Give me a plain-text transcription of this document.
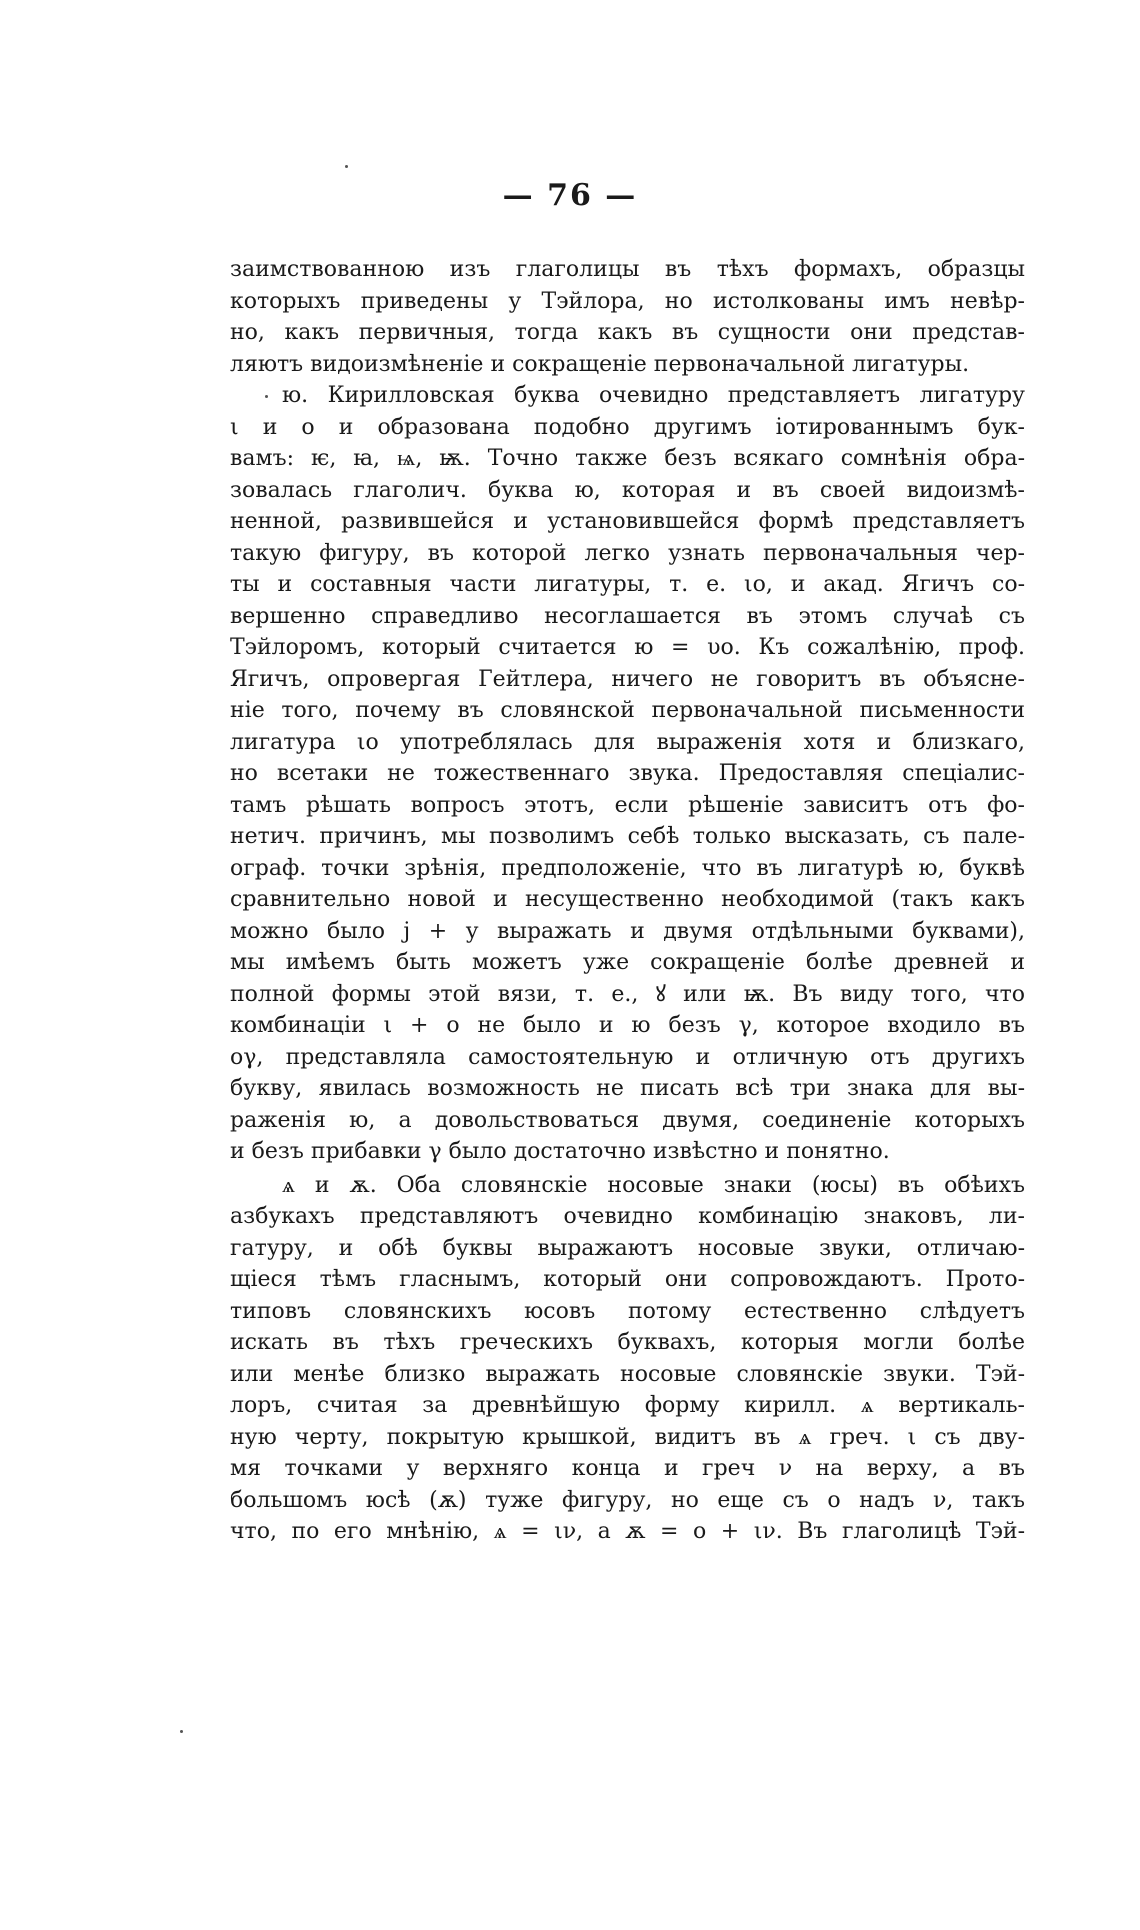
— 76 —
заимствованною изъ глаголицы въ тѣхъ формахъ, образцы
которыхъ приведены у Тэйлора, но истолкованы имъ невѣр-
но, какъ первичныя, тогда какъ въ сущности они представ-
ляютъ видоизмѣненіе и сокращеніе первоначальной лигатуры.
ю. Кирилловская буква очевидно представляетъ лигатуру
ι и ο и образована подобно другимъ іотированнымъ бук-
вамъ: ѥ, ꙗ, ѩ, ѭ. Точно также безъ всякаго сомнѣнія обра-
зовалась глаголич. буква ю, которая и въ своей видоизмѣ-
ненной, развившейся и установившейся формѣ представляетъ
такую фигуру, въ которой легко узнать первоначальныя чер-
ты и составныя части лигатуры, т. е. ιο, и акад. Ягичъ со-
вершенно справедливо несоглашается въ этомъ случаѣ съ
Тэйлоромъ, который считается ю = υο. Къ сожалѣнію, проф.
Ягичъ, опровергая Гейтлера, ничего не говоритъ въ объясне-
ніе того, почему въ словянской первоначальной письменности
лигатура ιο употреблялась для выраженія хотя и близкаго,
но всетаки не тожественнаго звука. Предоставляя спеціалис-
тамъ рѣшать вопросъ этотъ, если рѣшеніе зависитъ отъ фо-
нетич. причинъ, мы позволимъ себѣ только высказать, съ пале-
ограф. точки зрѣнія, предположеніе, что въ лигатурѣ ю, буквѣ
сравнительно новой и несущественно необходимой (такъ какъ
можно было j + у выражать и двумя отдѣльными буквами),
мы имѣемъ быть можетъ уже сокращеніе болѣе древней и
полной формы этой вязи, т. е., ꙋ или ѭ. Въ виду того, что
комбинаціи ι + ο не было и ю безъ γ, которое входило въ
оγ, представляла самостоятельную и отличную отъ другихъ
букву, явилась возможность не писать всѣ три знака для вы-
раженія ю, а довольствоваться двумя, соединеніе которыхъ
и безъ прибавки γ было достаточно извѣстно и понятно.
ѧ и ѫ. Оба словянскіе носовые знаки (юсы) въ обѣихъ
азбукахъ представляютъ очевидно комбинацію знаковъ, ли-
гатуру, и обѣ буквы выражаютъ носовые звуки, отличаю-
щіеся тѣмъ гласнымъ, который они сопровождаютъ. Прото-
типовъ словянскихъ юсовъ потому естественно слѣдуетъ
искать въ тѣхъ греческихъ буквахъ, которыя могли болѣе
или менѣе близко выражать носовые словянскіе звуки. Тэй-
лоръ, считая за древнѣйшую форму кирилл. ѧ вертикаль-
ную черту, покрытую крышкой, видитъ въ ѧ греч. ι съ дву-
мя точками у верхняго конца и греч ν на верху, а въ
большомъ юсѣ (ѫ) туже фигуру, но еще съ ο надъ ν, такъ
что, по его мнѣнію, ѧ = ιν, а ѫ = ο + ιν. Въ глаголицѣ Тэй-
